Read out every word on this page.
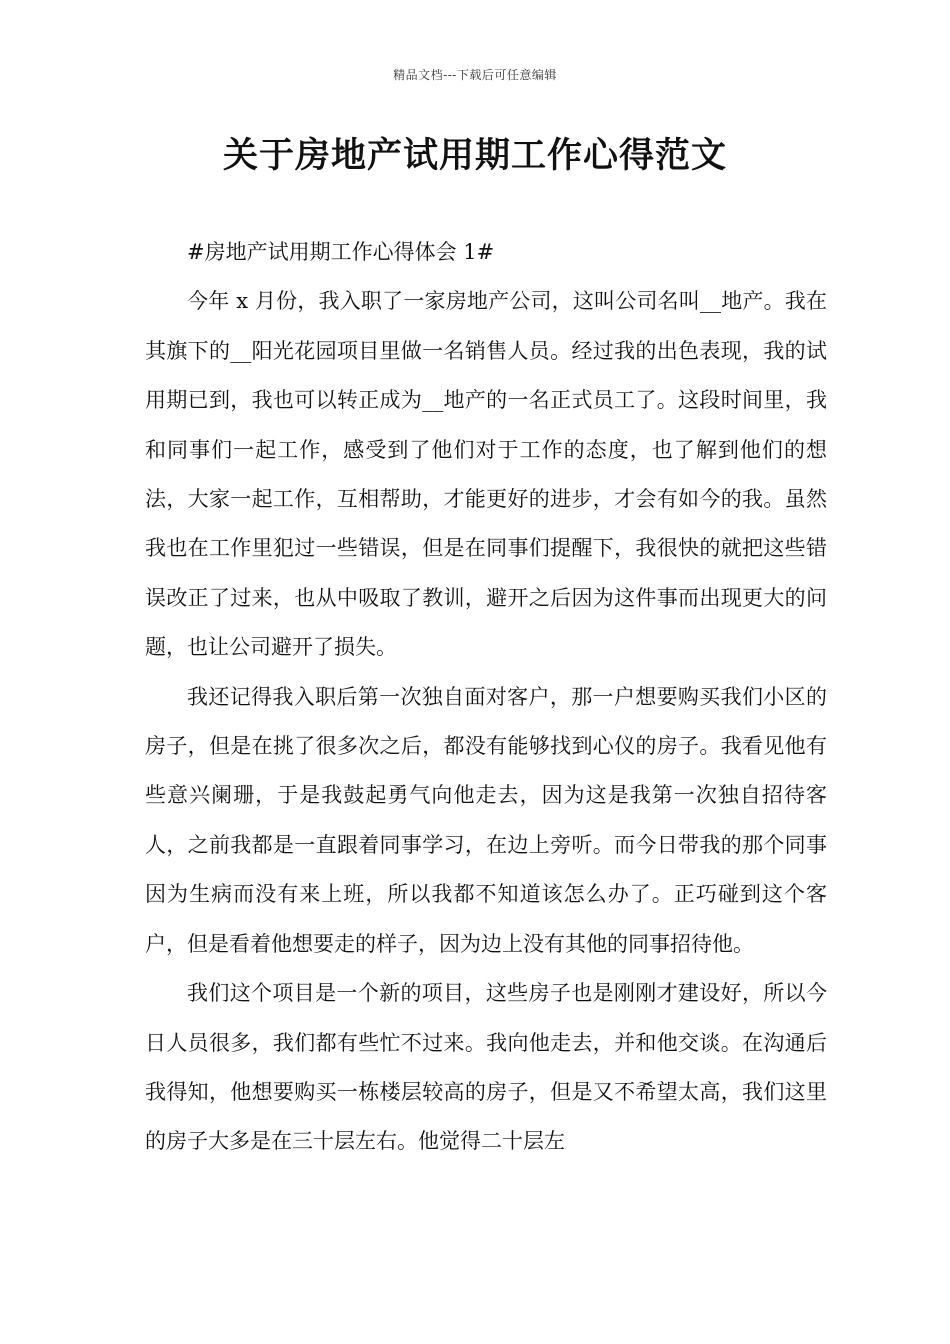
精品文档---下载后可任意编辑
关于房地产试用期工作心得范文

#房地产试用期工作心得体会 1#

今年 x 月份，我入职了一家房地产公司，这叫公司名叫__地产。我在其旗下的__阳光花园项目里做一名销售人员。经过我的出色表现，我的试用期已到，我也可以转正成为__地产的一名正式员工了。这段时间里，我和同事们一起工作，感受到了他们对于工作的态度，也了解到他们的想法，大家一起工作，互相帮助，才能更好的进步，才会有如今的我。虽然我也在工作里犯过一些错误，但是在同事们提醒下，我很快的就把这些错误改正了过来，也从中吸取了教训，避开之后因为这件事而出现更大的问题，也让公司避开了损失。

我还记得我入职后第一次独自面对客户，那一户想要购买我们小区的房子，但是在挑了很多次之后，都没有能够找到心仪的房子。我看见他有些意兴阑珊，于是我鼓起勇气向他走去，因为这是我第一次独自招待客人，之前我都是一直跟着同事学习，在边上旁听。而今日带我的那个同事因为生病而没有来上班，所以我都不知道该怎么办了。正巧碰到这个客户，但是看着他想要走的样子，因为边上没有其他的同事招待他。

我们这个项目是一个新的项目，这些房子也是刚刚才建设好，所以今日人员很多，我们都有些忙不过来。我向他走去，并和他交谈。在沟通后我得知，他想要购买一栋楼层较高的房子，但是又不希望太高，我们这里的房子大多是在三十层左右。他觉得二十层左
